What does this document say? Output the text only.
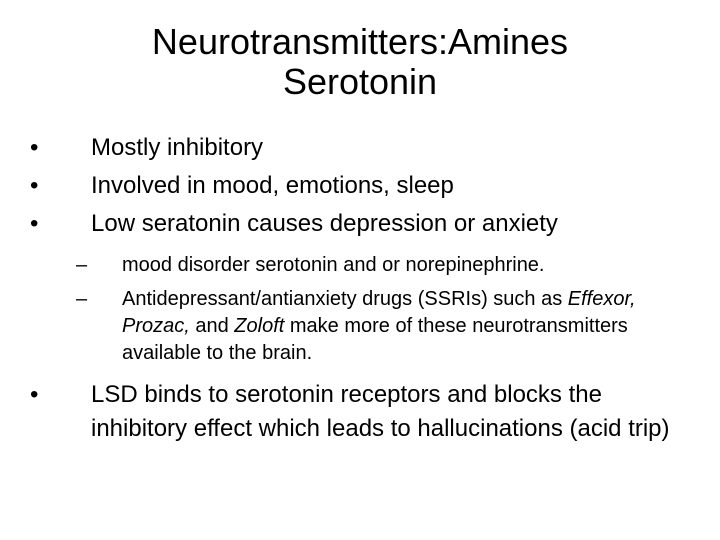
Neurotransmitters:Amines
Serotonin
• Mostly inhibitory
• Involved in mood, emotions, sleep
• Low seratonin causes depression or anxiety
– mood disorder serotonin and or norepinephrine.
– Antidepressant/antianxiety drugs (SSRIs) such as Effexor, Prozac, and Zoloft make more of these neurotransmitters available to the brain.
• LSD binds to serotonin receptors and blocks the inhibitory effect which leads to hallucinations (acid trip)
